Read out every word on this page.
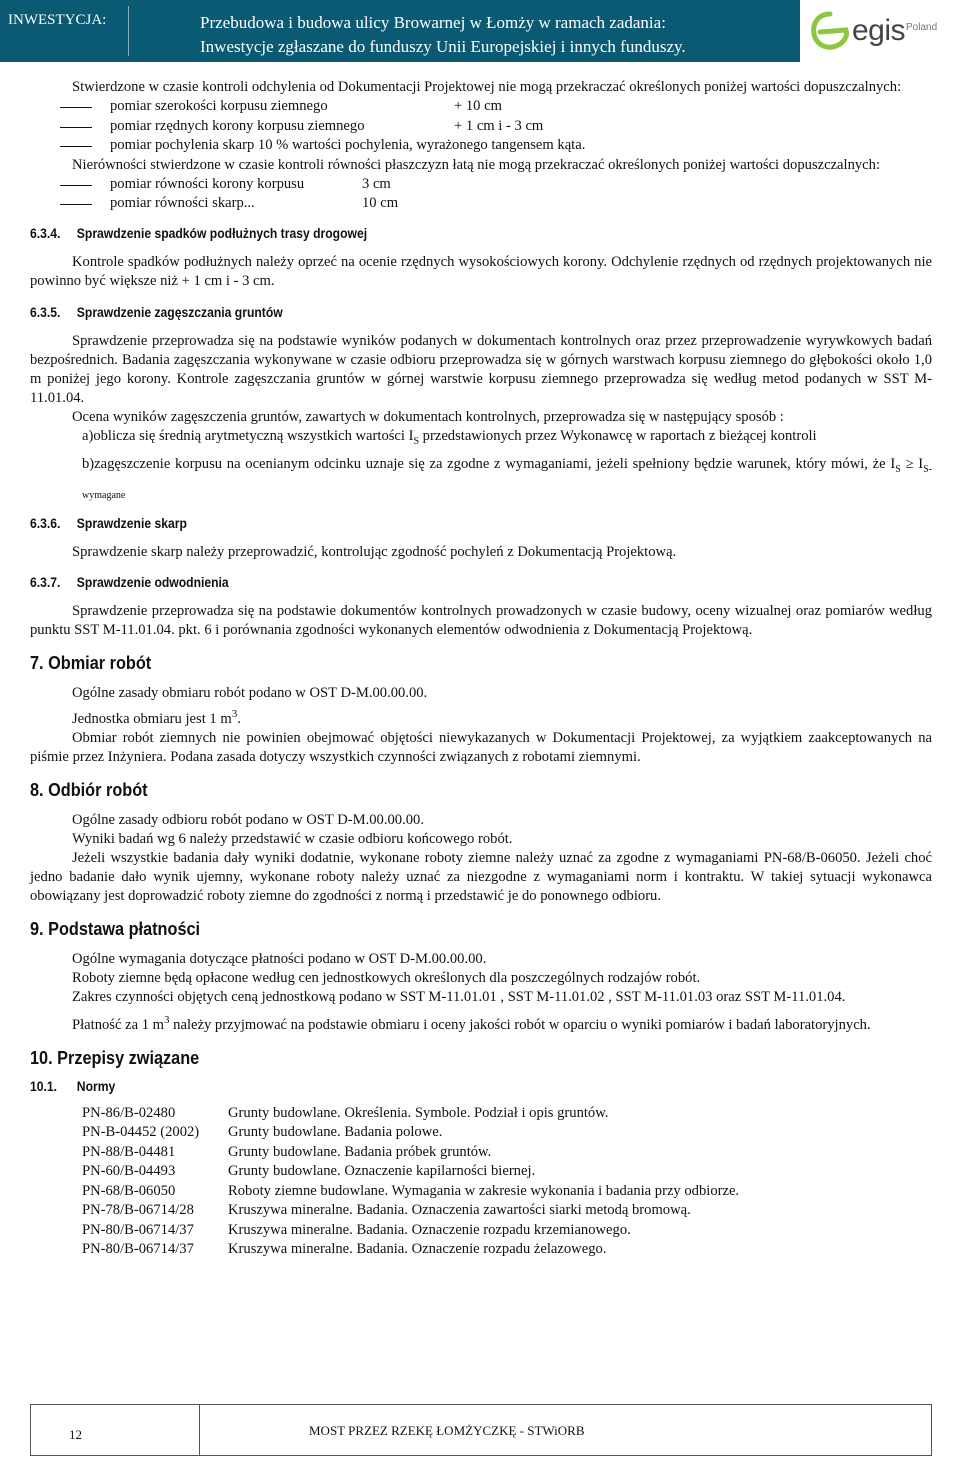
INWESTYCJA:	Przebudowa i budowa ulicy Browarnej w Łomży w ramach zadania:
Inwestycje zgłaszane do funduszy Unii Europejskiej i innych funduszy.	egis Poland

Stwierdzone w czasie kontroli odchylenia od Dokumentacji Projektowej nie mogą przekraczać określonych poniżej wartości dopuszczalnych:

pomiar szerokości korpusu ziemnego	+ 10 cm
pomiar rzędnych korony korpusu ziemnego	+ 1 cm i - 3 cm
pomiar pochylenia skarp 10 % wartości pochylenia, wyrażonego tangensem kąta.

Nierówności stwierdzone w czasie kontroli równości płaszczyzn łatą nie mogą przekraczać określonych poniżej wartości dopuszczalnych:

pomiar równości korony korpusu	3 cm
pomiar równości skarp...	10 cm
6.3.4. Sprawdzenie spadków podłużnych trasy drogowej

Kontrole spadków podłużnych należy oprzeć na ocenie rzędnych wysokościowych korony. Odchylenie rzędnych od rzędnych projektowanych nie powinno być większe niż + 1 cm i - 3 cm.

6.3.5. Sprawdzenie zagęszczania gruntów

Sprawdzenie przeprowadza się na podstawie wyników podanych w dokumentach kontrolnych oraz przez przeprowadzenie wyrywkowych badań bezpośrednich. Badania zagęszczania wykonywane w czasie odbioru przeprowadza się w górnych warstwach korpusu ziemnego do głębokości około 1,0 m poniżej jego korony. Kontrole zagęszczania gruntów w górnej warstwie korpusu ziemnego przeprowadza się według metod podanych w SST M-11.01.04.

Ocena wyników zagęszczenia gruntów, zawartych w dokumentach kontrolnych, przeprowadza się w następujący sposób :

a)oblicza się średnią arytmetyczną wszystkich wartości $I_S$ przedstawionych przez Wykonawcę w raportach z bieżącej kontroli

b)zagęszczenie korpusu na ocenianym odcinku uznaje się za zgodne z wymaganiami, jeżeli spełniony będzie warunek, który mówi, że $I_S \ge I_{S-wymagane}$

6.3.6. Sprawdzenie skarp

Sprawdzenie skarp należy przeprowadzić, kontrolując zgodność pochyleń z Dokumentacją Projektową.

6.3.7. Sprawdzenie odwodnienia

Sprawdzenie przeprowadza się na podstawie dokumentów kontrolnych prowadzonych w czasie budowy, oceny wizualnej oraz pomiarów według punktu SST M-11.01.04. pkt. 6 i porównania zgodności wykonanych elementów odwodnienia z Dokumentacją Projektową.

7. Obmiar robót

Ogólne zasady obmiaru robót podano w OST D-M.00.00.00.

Jednostka obmiaru jest 1 $m^3$.

Obmiar robót ziemnych nie powinien obejmować objętości niewykazanych w Dokumentacji Projektowej, za wyjątkiem zaakceptowanych na piśmie przez Inżyniera. Podana zasada dotyczy wszystkich czynności związanych z robotami ziemnymi.

8. Odbiór robót

Ogólne zasady odbioru robót podano w OST D-M.00.00.00.

Wyniki badań wg 6 należy przedstawić w czasie odbioru końcowego robót.

Jeżeli wszystkie badania dały wyniki dodatnie, wykonane roboty ziemne należy uznać za zgodne z wymaganiami PN-68/B-06050. Jeżeli choć jedno badanie dało wynik ujemny, wykonane roboty należy uznać za niezgodne z wymaganiami norm i kontraktu. W takiej sytuacji wykonawca obowiązany jest doprowadzić roboty ziemne do zgodności z normą i przedstawić je do ponownego odbioru.

9. Podstawa płatności

Ogólne wymagania dotyczące płatności podano w OST D-M.00.00.00.

Roboty ziemne będą opłacone według cen jednostkowych określonych dla poszczególnych rodzajów robót.

Zakres czynności objętych ceną jednostkową podano w SST M-11.01.01 , SST M-11.01.02 , SST M-11.01.03 oraz SST M-11.01.04.

Płatność za 1 $m^3$ należy przyjmować na podstawie obmiaru i oceny jakości robót w oparciu o wyniki pomiarów i badań laboratoryjnych.

10. Przepisy związane
10.1. Normy
PN-86/B-02480	Grunty budowlane. Określenia. Symbole. Podział i opis gruntów.
PN-B-04452 (2002) Grunty budowlane. Badania polowe.
PN-88/B-04481	Grunty budowlane. Badania próbek gruntów.
PN-60/B-04493	Grunty budowlane. Oznaczenie kapilarności biernej.
PN-68/B-06050	Roboty ziemne budowlane. Wymagania w zakresie wykonania i badania przy odbiorze.
PN-78/B-06714/28 Kruszywa mineralne. Badania. Oznaczenia zawartości siarki metodą bromową.
PN-80/B-06714/37 Kruszywa mineralne. Badania. Oznaczenie rozpadu krzemianowego.
PN-80/B-06714/37 Kruszywa mineralne. Badania. Oznaczenie rozpadu żelazowego.
12	MOST PRZEZ RZEKĘ ŁOMŻYCZKĘ - STWiORB
